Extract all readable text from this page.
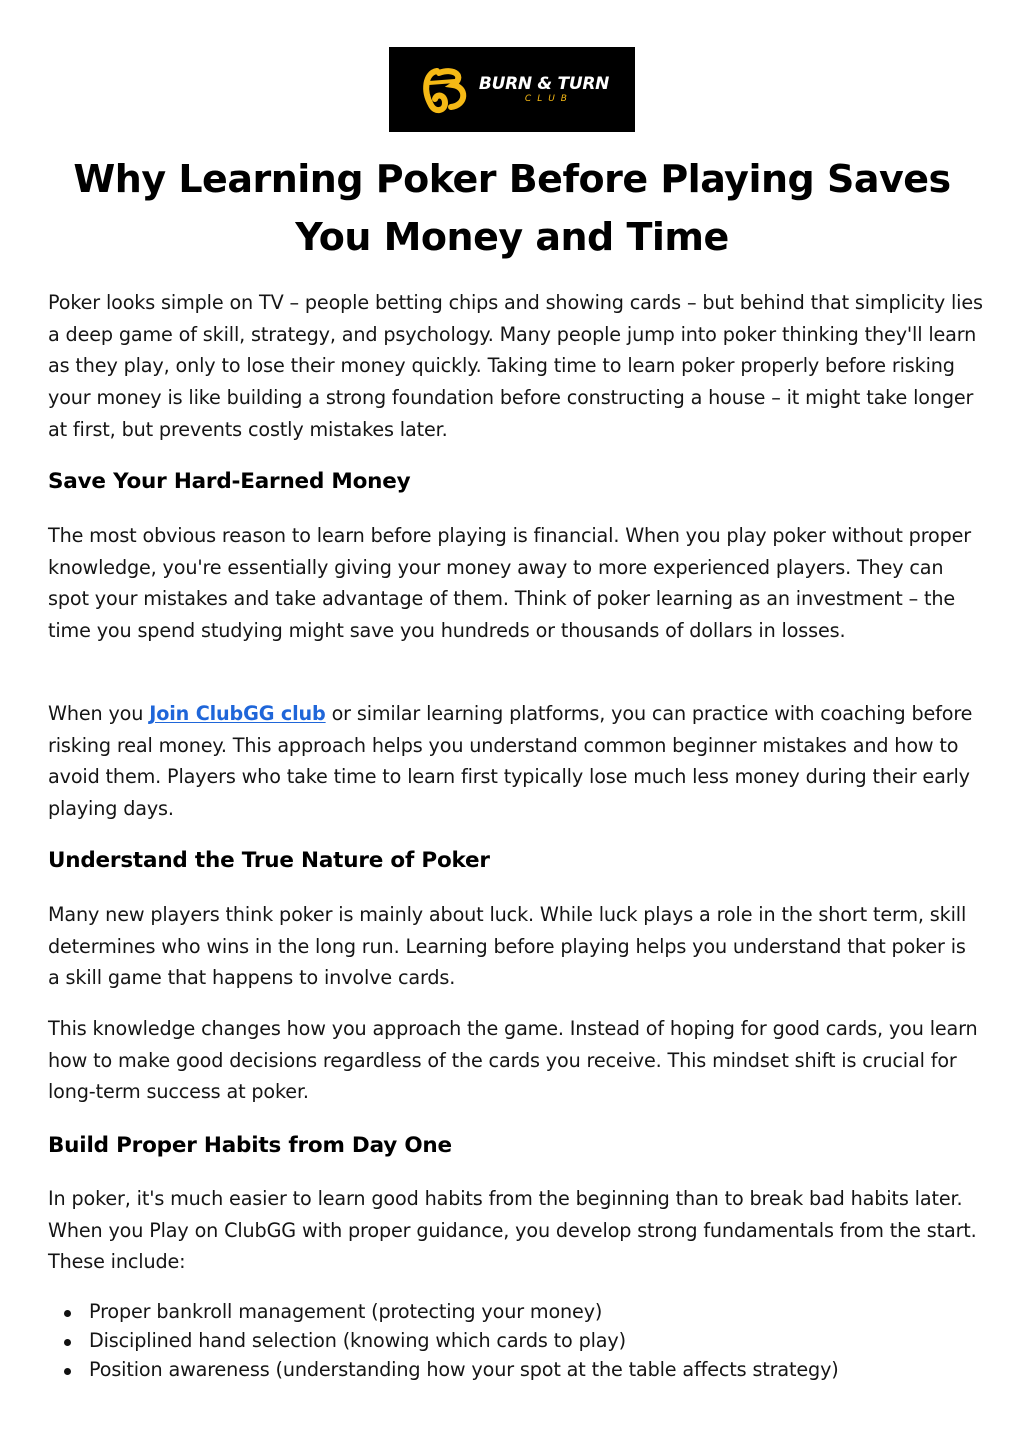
BURN & TURN
CLUB
Why Learning Poker Before Playing Saves You Money and Time

Poker looks simple on TV – people betting chips and showing cards – but behind that simplicity lies a deep game of skill, strategy, and psychology. Many people jump into poker thinking they'll learn as they play, only to lose their money quickly. Taking time to learn poker properly before risking your money is like building a strong foundation before constructing a house – it might take longer at first, but prevents costly mistakes later.

Save Your Hard-Earned Money

The most obvious reason to learn before playing is financial. When you play poker without proper knowledge, you're essentially giving your money away to more experienced players. They can spot your mistakes and take advantage of them. Think of poker learning as an investment – the time you spend studying might save you hundreds or thousands of dollars in losses.

When you Join ClubGG club or similar learning platforms, you can practice with coaching before risking real money. This approach helps you understand common beginner mistakes and how to avoid them. Players who take time to learn first typically lose much less money during their early playing days.

Understand the True Nature of Poker

Many new players think poker is mainly about luck. While luck plays a role in the short term, skill determines who wins in the long run. Learning before playing helps you understand that poker is a skill game that happens to involve cards.

This knowledge changes how you approach the game. Instead of hoping for good cards, you learn how to make good decisions regardless of the cards you receive. This mindset shift is crucial for long-term success at poker.

Build Proper Habits from Day One

In poker, it's much easier to learn good habits from the beginning than to break bad habits later. When you Play on ClubGG with proper guidance, you develop strong fundamentals from the start. These include:

Proper bankroll management (protecting your money)
Disciplined hand selection (knowing which cards to play)
Position awareness (understanding how your spot at the table affects strategy)
